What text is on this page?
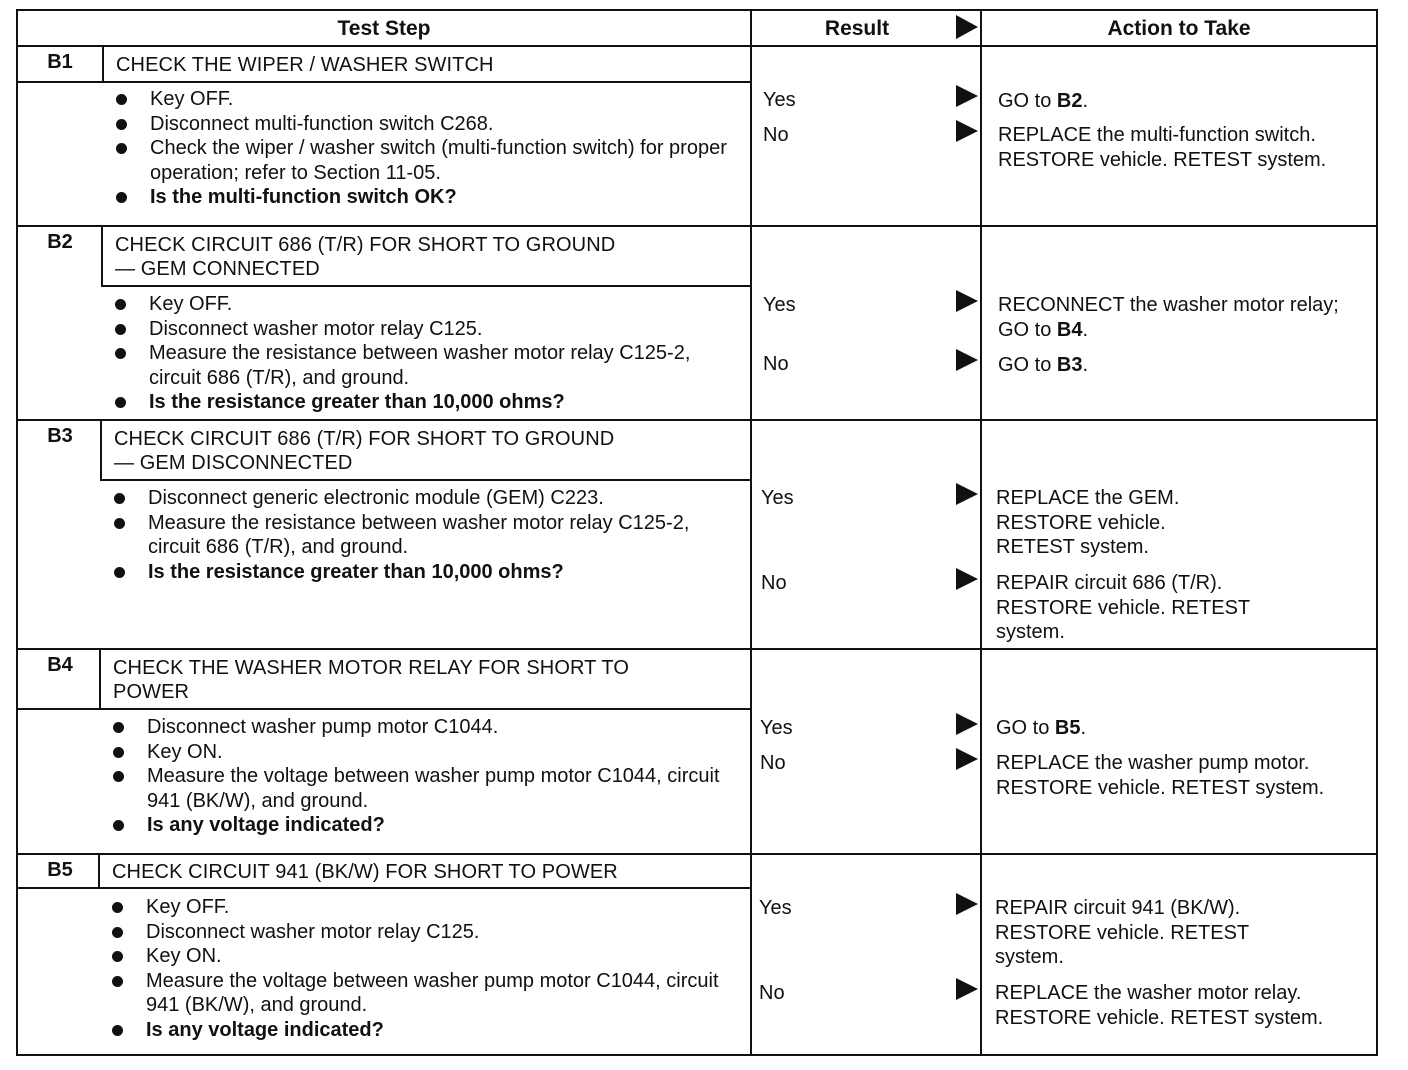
Test Step	Result	Action to Take
B1	CHECK THE WIPER / WASHER SWITCH
Key OFF.
Disconnect multi-function switch C268.
Check the wiper / washer switch (multi-function switch) for proper operation; refer to Section 11-05.
Is the multi-function switch OK?
Yes	GO to B2.
No	REPLACE the multi-function switch. RESTORE vehicle. RETEST system.
B2	CHECK CIRCUIT 686 (T/R) FOR SHORT TO GROUND
— GEM CONNECTED
Key OFF.
Disconnect washer motor relay C125.
Measure the resistance between washer motor relay C125-2, circuit 686 (T/R), and ground.
Is the resistance greater than 10,000 ohms?
Yes	RECONNECT the washer motor relay; GO to B4.
No	GO to B3.
B3	CHECK CIRCUIT 686 (T/R) FOR SHORT TO GROUND
— GEM DISCONNECTED
Disconnect generic electronic module (GEM) C223.
Measure the resistance between washer motor relay C125-2, circuit 686 (T/R), and ground.
Is the resistance greater than 10,000 ohms?
Yes	REPLACE the GEM. RESTORE vehicle. RETEST system.
No	REPAIR circuit 686 (T/R). RESTORE vehicle. RETEST system.
B4	CHECK THE WASHER MOTOR RELAY FOR SHORT TO
POWER
Disconnect washer pump motor C1044.
Key ON.
Measure the voltage between washer pump motor C1044, circuit 941 (BK/W), and ground.
Is any voltage indicated?
Yes	GO to B5.
No	REPLACE the washer pump motor. RESTORE vehicle. RETEST system.
B5	CHECK CIRCUIT 941 (BK/W) FOR SHORT TO POWER
Key OFF.
Disconnect washer motor relay C125.
Key ON.
Measure the voltage between washer pump motor C1044, circuit 941 (BK/W), and ground.
Is any voltage indicated?
Yes	REPAIR circuit 941 (BK/W). RESTORE vehicle. RETEST system.
No	REPLACE the washer motor relay. RESTORE vehicle. RETEST system.
